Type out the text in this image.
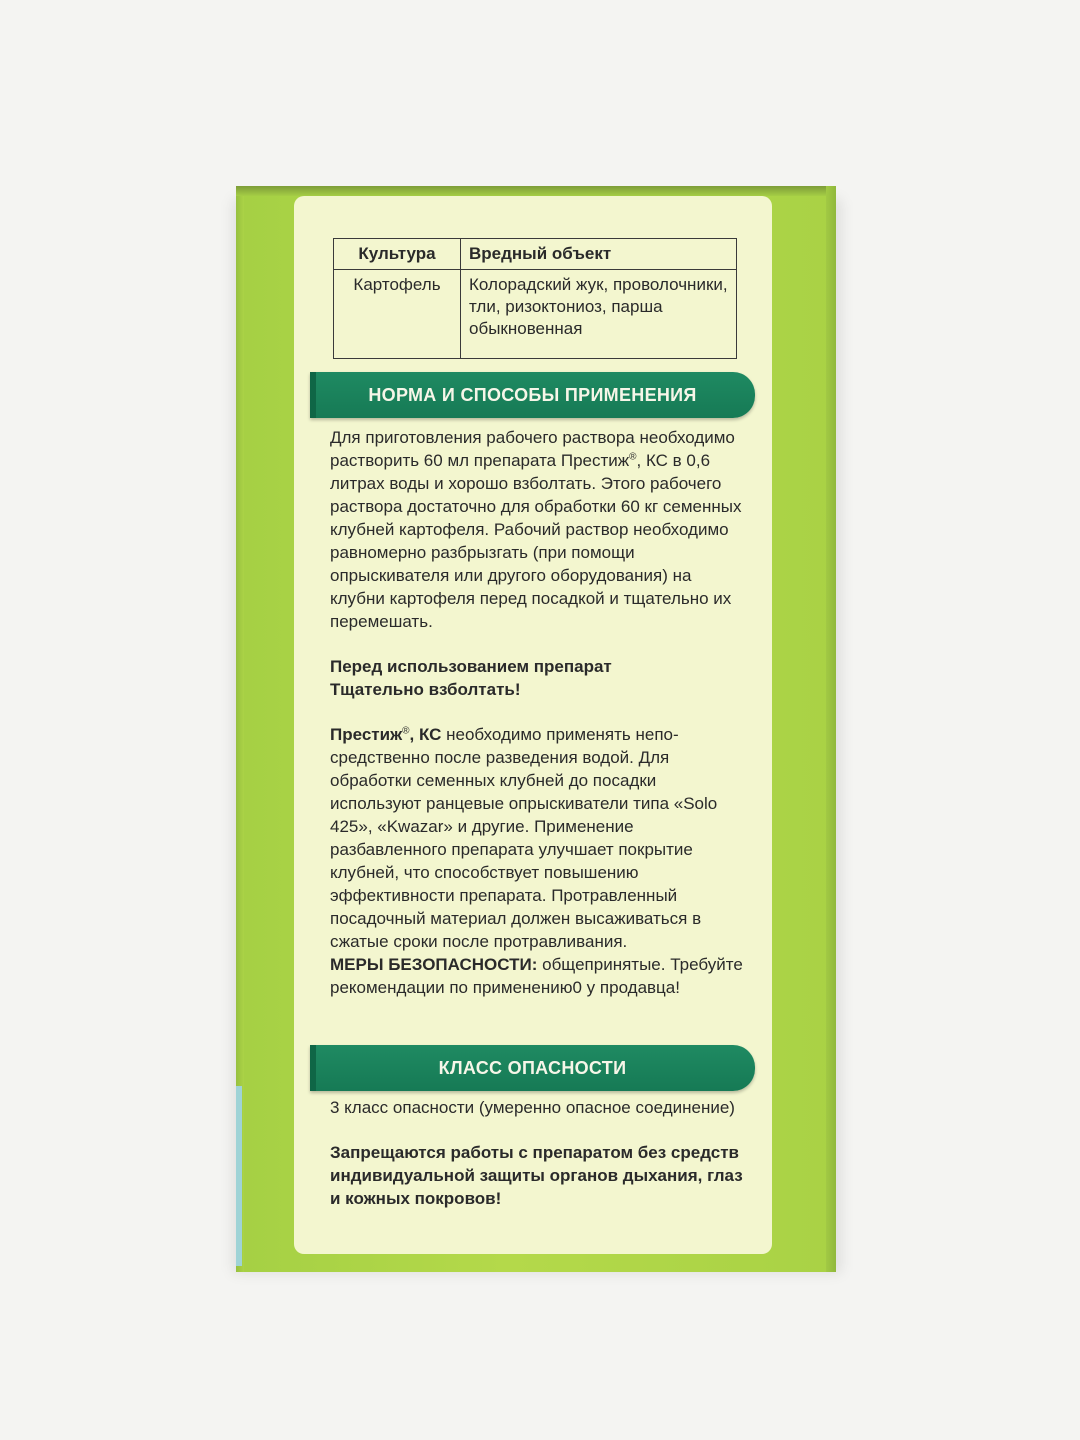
Культура	Вредный объект
Картофель	Колорадский жук, проволочники, тли, ризоктониоз, парша обыкновенная
НОРМА И СПОСОБЫ ПРИМЕНЕНИЯ

Для приготовления рабочего раствора необходимо растворить 60 мл препарата Престиж®, КС в 0,6 литрах воды и хорошо взболтать. Этого рабочего раствора достаточно для обработки 60 кг семенных клубней картофеля. Рабочий раствор необходимо равномерно разбрызгать (при помощи опрыскивателя или другого оборудования) на клубни картофеля перед посадкой и тщательно их перемешать.

Перед использованием препарат
Тщательно взболтать!

Престиж®, КС необходимо применять непо-средственно после разведения водой. Для обработки семенных клубней до посадки используют ранцевые опрыскиватели типа «Solo 425», «Kwazar» и другие. Применение разбавленного препарата улучшает покрытие клубней, что способствует повышению эффективности препарата. Протравленный посадочный материал должен высаживаться в сжатые сроки после протравливания.

МЕРЫ БЕЗОПАСНОСТИ: общепринятые. Требуйте рекомендации по применению0 у продавца!

КЛАСС ОПАСНОСТИ

3 класс опасности (умеренно опасное соединение)

Запрещаются работы с препаратом без средств индивидуальной защиты органов дыхания, глаз и кожных покровов!
